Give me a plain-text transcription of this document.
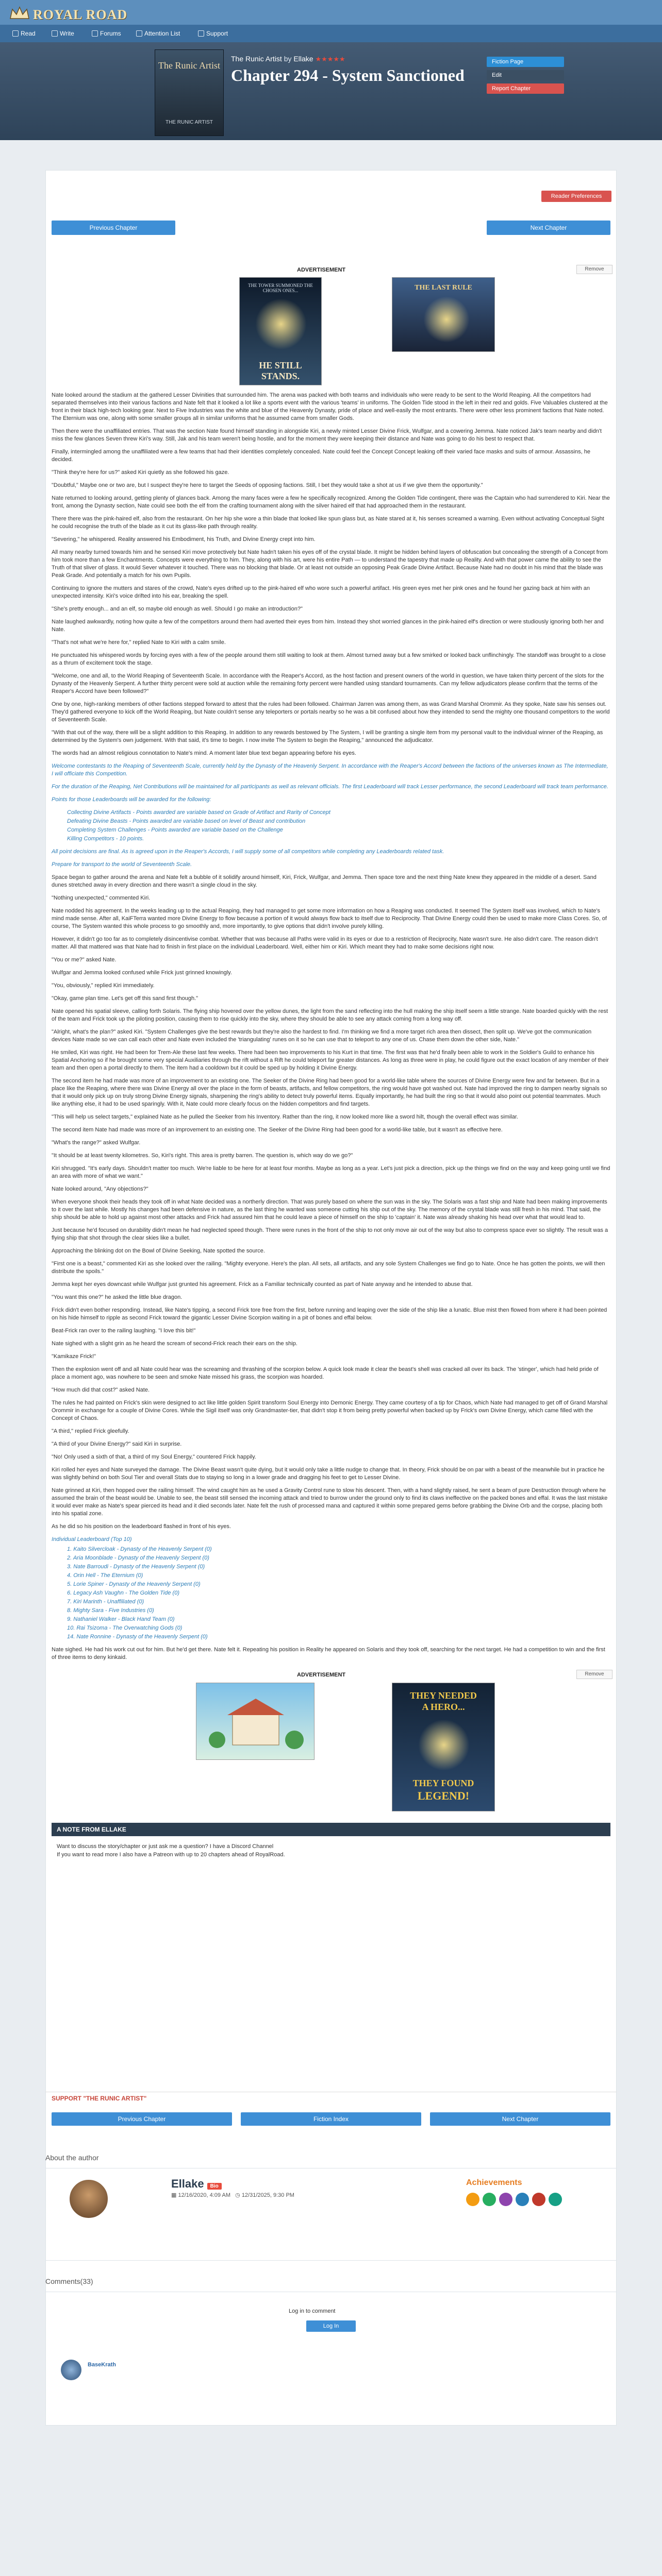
ROYAL ROAD
Read	Write	Forums	Attention List	Support
The Runic Artist
THE RUNIC ARTIST
The Runic Artist by Ellake ★★★★★
Chapter 294 - System Sanctioned
Fiction Page
Edit
Report Chapter
Reader Preferences
Previous Chapter	Next Chapter
ADVERTISEMENT	Remove
THE TOWER SUMMONED THE CHOSEN ONES...
HE STILL STANDS.
THE LAST RULE

Nate looked around the stadium at the gathered Lesser Divinities that surrounded him. The arena was packed with both teams and individuals who were ready to be sent to the World Reaping. All the competitors had separated themselves into their various factions and Nate felt that it looked a lot like a sports event with the various 'teams' in uniforms. The Golden Tide stood in the left in their red and golds. Five Valuables clustered at the front in their black high-tech looking gear. Next to Five Industries was the white and blue of the Heavenly Dynasty, pride of place and well-easily the most entrants. There were other less prominent factions that Nate noted. The Eternium was one, along with some smaller groups all in similar uniforms that he assumed came from smaller Gods.

Then there were the unaffiliated entries. That was the section Nate found himself standing in alongside Kiri, a newly minted Lesser Divine Frick, Wulfgar, and a cowering Jemma. Nate noticed Jak's team nearby and didn't miss the few glances Seven threw Kiri's way. Still, Jak and his team weren't being hostile, and for the moment they were keeping their distance and Nate was going to do his best to respect that.

Finally, intermingled among the unaffiliated were a few teams that had their identities completely concealed. Nate could feel the Concept Concept leaking off their varied face masks and suits of armour. Assassins, he decided.

"Think they're here for us?" asked Kiri quietly as she followed his gaze.

"Doubtful," Maybe one or two are, but I suspect they're here to target the Seeds of opposing factions. Still, I bet they would take a shot at us if we give them the opportunity."

Nate returned to looking around, getting plenty of glances back. Among the many faces were a few he specifically recognized. Among the Golden Tide contingent, there was the Captain who had surrendered to Kiri. Near the front, among the Dynasty section, Nate could see both the elf from the crafting tournament along with the silver haired elf that had approached them in the restaurant.

There there was the pink-haired elf, also from the restaurant. On her hip she wore a thin blade that looked like spun glass but, as Nate stared at it, his senses screamed a warning. Even without activating Conceptual Sight he could recognise the truth of the blade as it cut its glass-like path through reality.

"Severing," he whispered. Reality answered his Embodiment, his Truth, and Divine Energy crept into him.

All many nearby turned towards him and he sensed Kiri move protectively but Nate hadn't taken his eyes off of the crystal blade. It might be hidden behind layers of obfuscation but concealing the strength of a Concept from him took more than a few Enchantments. Concepts were everything to him. They, along with his art, were his entire Path — to understand the tapestry that made up Reality. And with that power came the ability to see the Truth of that sliver of glass. It would Sever whatever it touched. There was no blocking that blade. Or at least not outside an opposing Peak Grade Divine Artifact. Because Nate had no doubt in his mind that the blade was Peak Grade. And potentially a match for his own Pupils.

Continuing to ignore the mutters and stares of the crowd, Nate's eyes drifted up to the pink-haired elf who wore such a powerful artifact. His green eyes met her pink ones and he found her gazing back at him with an unexpected intensity. Kiri's voice drifted into his ear, breaking the spell.

"She's pretty enough... and an elf, so maybe old enough as well. Should I go make an introduction?"

Nate laughed awkwardly, noting how quite a few of the competitors around them had averted their eyes from him. Instead they shot worried glances in the pink-haired elf's direction or were studiously ignoring both her and Nate.

"That's not what we're here for," replied Nate to Kiri with a calm smile.

He punctuated his whispered words by forcing eyes with a few of the people around them still waiting to look at them. Almost turned away but a few smirked or looked back unflinchingly. The standoff was brought to a close as a thrum of excitement took the stage.

"Welcome, one and all, to the World Reaping of Seventeenth Scale. In accordance with the Reaper's Accord, as the host faction and present owners of the world in question, we have taken thirty percent of the slots for the Dynasty of the Heavenly Serpent. A further thirty percent were sold at auction while the remaining forty percent were handled using standard tournaments. Can my fellow adjudicators please confirm that the terms of the Reaper's Accord have been followed?"

One by one, high-ranking members of other factions stepped forward to attest that the rules had been followed. Chairman Jarren was among them, as was Grand Marshal Orommir. As they spoke, Nate saw his senses out. They'd gathered everyone to kick off the World Reaping, but Nate couldn't sense any teleporters or portals nearby so he was a bit confused about how they intended to send the mighty one thousand competitors to the world of Seventeenth Scale.

"With that out of the way, there will be a slight addition to this Reaping. In addition to any rewards bestowed by The System, I will be granting a single item from my personal vault to the individual winner of the Reaping, as determined by the System's own judgement. With that said, it's time to begin. I now invite The System to begin the Reaping," announced the adjudicator.

The words had an almost religious connotation to Nate's mind. A moment later blue text began appearing before his eyes.

Welcome contestants to the Reaping of Seventeenth Scale, currently held by the Dynasty of the Heavenly Serpent. In accordance with the Reaper's Accord between the factions of the universes known as The Intermediate, I will officiate this Competition.

For the duration of the Reaping, Net Contributions will be maintained for all participants as well as relevant officials. The first Leaderboard will track Lesser performance, the second Leaderboard will track team performance.

Points for those Leaderboards will be awarded for the following:

Collecting Divine Artifacts - Points awarded are variable based on Grade of Artifact and Rarity of Concept

Defeating Divine Beasts - Points awarded are variable based on level of Beast and contribution

Completing System Challenges - Points awarded are variable based on the Challenge

Killing Competitors - 10 points.

All point decisions are final. As is agreed upon in the Reaper's Accords, I will supply some of all competitors while completing any Leaderboards related task.

Prepare for transport to the world of Seventeenth Scale.

Space began to gather around the arena and Nate felt a bubble of it solidify around himself, Kiri, Frick, Wulfgar, and Jemma. Then space tore and the next thing Nate knew they appeared in the middle of a desert. Sand dunes stretched away in every direction and there wasn't a single cloud in the sky.

"Nothing unexpected," commented Kiri.

Nate nodded his agreement. In the weeks leading up to the actual Reaping, they had managed to get some more information on how a Reaping was conducted. It seemed The System itself was involved, which to Nate's mind made sense. After all, KaiFTerra wanted more Divine Energy to flow because a portion of it would always flow back to itself due to Reciprocity. That Divine Energy could then be used to make more Class Cores. So, of course, The System wanted this whole process to go smoothly and, more importantly, to give options that didn't involve purely killing.

However, it didn't go too far as to completely disincentivise combat. Whether that was because all Paths were valid in its eyes or due to a restriction of Reciprocity, Nate wasn't sure. He also didn't care. The reason didn't matter. All that mattered was that Nate had to finish in first place on the individual Leaderboard. Well, either him or Kiri. Which meant they had to make some decisions right now.

"You or me?" asked Nate.

Wulfgar and Jemma looked confused while Frick just grinned knowingly.

"You, obviously," replied Kiri immediately.

"Okay, game plan time. Let's get off this sand first though."

Nate opened his spatial sleeve, calling forth Solaris. The flying ship hovered over the yellow dunes, the light from the sand reflecting into the hull making the ship itself seem a little strange. Nate boarded quickly with the rest of the team and Frick took up the piloting position, causing them to rise quickly into the sky, where they should be able to see any attack coming from a long way off.

"Alright, what's the plan?" asked Kiri. "System Challenges give the best rewards but they're also the hardest to find. I'm thinking we find a more target rich area then dissect, then split up. We've got the communication devices Nate made so we can call each other and Nate even included the 'triangulating' runes on it so he can use that to teleport to any one of us. Chase them down the other side, Nate."

He smiled, Kiri was right. He had been for Trem-Ale these last few weeks. There had been two improvements to his Kurt in that time. The first was that he'd finally been able to work in the Soldier's Guild to enhance his Spatial Anchoring so if he brought some very special Auxiliaries through the rift without a Rift he could teleport far greater distances. As long as three were in play, he could figure out the exact location of any member of their team and then open a portal directly to them. The item had a cooldown but it could be sped up by holding it Divine Energy.

The second item he had made was more of an improvement to an existing one. The Seeker of the Divine Ring had been good for a world-like table where the sources of Divine Energy were few and far between. But in a place like the Reaping, where there was Divine Energy all over the place in the form of beasts, artifacts, and fellow competitors, the ring would have got washed out. Nate had improved the ring to dampen nearby signals so that it would only pick up on truly strong Divine Energy signals, sharpening the ring's ability to detect truly powerful items. Equally importantly, he had built the ring so that it would also point out potential teammates. Much like anything else, it had to be used sparingly. With it, Nate could more clearly focus on the hidden competitors and find targets.

"This will help us select targets," explained Nate as he pulled the Seeker from his Inventory. Rather than the ring, it now looked more like a sword hilt, though the overall effect was similar.

The second item Nate had made was more of an improvement to an existing one. The Seeker of the Divine Ring had been good for a world-like table, but it wasn't as effective here.

"What's the range?" asked Wulfgar.

"It should be at least twenty kilometres. So, Kiri's right. This area is pretty barren. The question is, which way do we go?"

Kiri shrugged. "It's early days. Shouldn't matter too much. We're liable to be here for at least four months. Maybe as long as a year. Let's just pick a direction, pick up the things we find on the way and keep going until we find an area with more of what we want."

Nate looked around, "Any objections?"

When everyone shook their heads they took off in what Nate decided was a northerly direction. That was purely based on where the sun was in the sky. The Solaris was a fast ship and Nate had been making improvements to it over the last while. Mostly his changes had been defensive in nature, as the last thing he wanted was someone cutting his ship out of the sky. The memory of the crystal blade was still fresh in his mind. That said, the ship should be able to hold up against most other attacks and Frick had assured him that he could leave a piece of himself on the ship to 'captain' it. Nate was already shaking his head over what that would lead to.

Just because he'd focused on durability didn't mean he had neglected speed though. There were runes in the front of the ship to not only move air out of the way but also to compress space ever so slightly. The result was a flying ship that shot through the clear skies like a bullet.

Approaching the blinking dot on the Bowl of Divine Seeking, Nate spotted the source.

"First one is a beast," commented Kiri as she looked over the railing. "Mighty everyone. Here's the plan. All sets, all artifacts, and any sole System Challenges we find go to Nate. Once he has gotten the points, we will then distribute the spoils."

Jemma kept her eyes downcast while Wulfgar just grunted his agreement. Frick as a Familiar technically counted as part of Nate anyway and he intended to abuse that.

"You want this one?" he asked the little blue dragon.

Frick didn't even bother responding. Instead, like Nate's tipping, a second Frick tore free from the first, before running and leaping over the side of the ship like a lunatic. Blue mist then flowed from where it had been pointed on his hide himself to ripple as second Frick toward the gigantic Lesser Divine Scorpion waiting in a pit of bones and effal below.

Beat-Frick ran over to the railing laughing. "I love this bit!"

Nate sighed with a slight grin as he heard the scream of second-Frick reach their ears on the ship.

"Kamikaze Frick!"

Then the explosion went off and all Nate could hear was the screaming and thrashing of the scorpion below. A quick look made it clear the beast's shell was cracked all over its back. The 'stinger', which had held pride of place a moment ago, was nowhere to be seen and smoke Nate missed his grass, the scorpion was hoarded.

"How much did that cost?" asked Nate.

The rules he had painted on Frick's skin were designed to act like little golden Spirit transform Soul Energy into Demonic Energy. They came courtesy of a tip for Chaos, which Nate had managed to get off of Grand Marshal Orommir in exchange for a couple of Divine Cores. While the Sigil itself was only Grandmaster-tier, that didn't stop it from being pretty powerful when backed up by Frick's own Divine Energy, which came filled with the Concept of Chaos.

"A third," replied Frick gleefully.

"A third of your Divine Energy?" said Kiri in surprise.

"No! Only used a sixth of that, a third of my Soul Energy," countered Frick happily.

Kiri rolled her eyes and Nate surveyed the damage. The Divine Beast wasn't quite dying, but it would only take a little nudge to change that. In theory, Frick should be on par with a beast of the meanwhile but in practice he was slightly behind on both Soul Tier and overall Stats due to staying so long in a lower grade and dragging his feet to get to Lesser Divine.

Nate grinned at Kiri, then hopped over the railing himself. The wind caught him as he used a Gravity Control rune to slow his descent. Then, with a hand slightly raised, he sent a beam of pure Destruction through where he assumed the brain of the beast would be. Unable to see, the beast still sensed the incoming attack and tried to burrow under the ground only to find its claws ineffective on the packed bones and effal. It was the last mistake it would ever make as Nate's spear pierced its head and it died seconds later. Nate felt the rush of processed mana and captured it within some prepared gems before grabbing the Divine Orb and the corpse, placing both into his spatial zone.

As he did so his position on the leaderboard flashed in front of his eyes.

Individual Leaderboard (Top 10)

1. Kaito Silvercloak - Dynasty of the Heavenly Serpent (0)

2. Aria Moonblade - Dynasty of the Heavenly Serpent (0)

3. Nate Barroudi - Dynasty of the Heavenly Serpent (0)

4. Orin Hell - The Eternium (0)

5. Lorie Spiner - Dynasty of the Heavenly Serpent (0)

6. Legacy Ash Vaughn - The Golden Tide (0)

7. Kiri Marinth - Unaffiliated (0)

8. Mighty Sara - Five Industries (0)

9. Nathaniel Walker - Black Hand Team (0)

10. Rai Tsizoma - The Overwatching Gods (0)

14. Nate Ronnine - Dynasty of the Heavenly Serpent (0)

Nate sighed. He had his work cut out for him. But he'd get there. Nate felt it. Repeating his position in Reality he appeared on Solaris and they took off, searching for the next target. He had a competition to win and the first of three items to deny kinkaid.

ADVERTISEMENT	Remove
THEY NEEDED
A HERO...
THEY FOUND
LEGEND!
A NOTE FROM ELLAKE
Want to discuss the story/chapter or just ask me a question? I have a Discord Channel
If you want to read more I also have a Patreon with up to 20 chapters ahead of RoyalRoad.
SUPPORT "THE RUNIC ARTIST"
Previous Chapter	Fiction Index	Next Chapter
About the author
Ellake Bio
▦ 12/16/2020, 4:09 AM ◷ 12/31/2025, 9:30 PM
Achievements
Comments(33)
Log in to comment
Log In
BaseKrath
